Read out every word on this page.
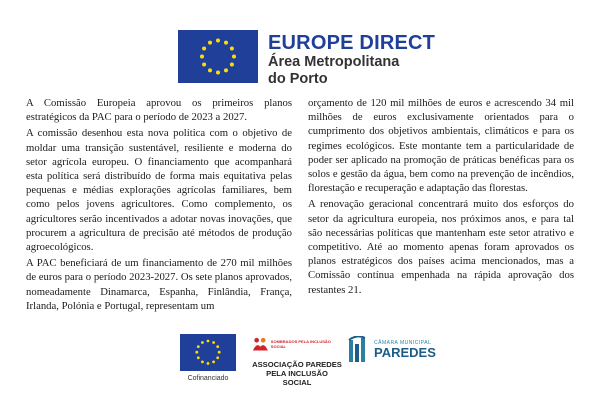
EUROPE DIRECT
Área Metropolitana
do Porto

A Comissão Europeia aprovou os primeiros planos estratégicos da PAC para o período de 2023 a 2027.

A comissão desenhou esta nova política com o objetivo de moldar uma transição sustentável, resiliente e moderna do setor agrícola europeu. O financiamento que acompanhará esta política será distribuído de forma mais equitativa pelas pequenas e médias explorações agrícolas familiares, bem como pelos jovens agricultores. Como complemento, os agricultores serão incentivados a adotar novas inovações, que procurem a agricultura de precisão até métodos de produção agroecológicos.

A PAC beneficiará de um financiamento de 270 mil milhões de euros para o período 2023-2027. Os sete planos aprovados, nomeadamente Dinamarca, Espanha, Finlândia, França, Irlanda, Polónia e Portugal, representam um

orçamento de 120 mil milhões de euros e acrescendo 34 mil milhões de euros exclusivamente orientados para o cumprimento dos objetivos ambientais, climáticos e para os regimes ecológicos. Este montante tem a particularidade de poder ser aplicado na promoção de práticas benéficas para os solos e gestão da água, bem como na prevenção de incêndios, florestação e recuperação e adaptação das florestas.

A renovação geracional concentrará muito dos esforços do setor da agricultura europeia, nos próximos anos, e para tal são necessárias políticas que mantenham este setor atrativo e competitivo. Até ao momento apenas foram aprovados os planos estratégicos dos países acima mencionados, mas a Comissão contínua empenhada na rápida aprovação dos restantes 21.

Cofinanciado
SOMBRADOS PELA INCLUSÃO SOCIAL
ASSOCIAÇÃO PAREDES
PELA INCLUSÃO SOCIAL
CÂMARA MUNICIPAL
PAREDES
